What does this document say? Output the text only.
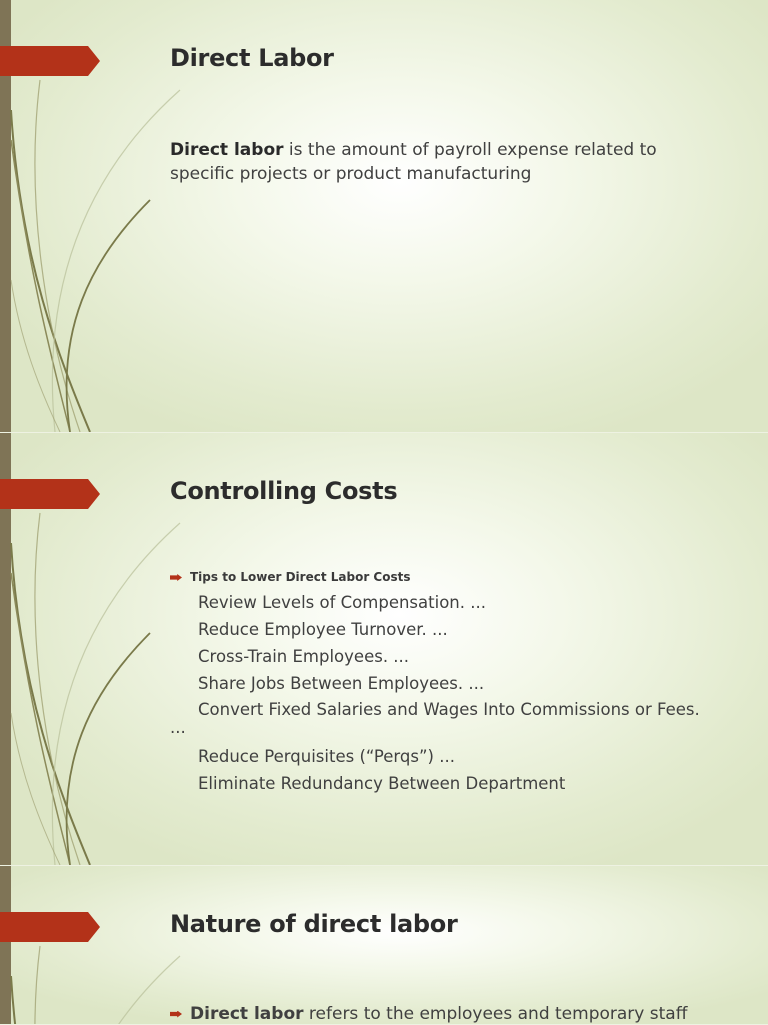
Direct Labor

Direct labor is the amount of payroll expense related to specific projects or product manufacturing

Controlling Costs

Tips to Lower Direct Labor Costs

Review Levels of Compensation. ...
Reduce Employee Turnover. ...
Cross-Train Employees. ...
Share Jobs Between Employees. ...
Convert Fixed Salaries and Wages Into Commissions or Fees.
...
Reduce Perquisites (“Perqs”) ...
Eliminate Redundancy Between Department
Nature of direct labor

Direct labor refers to the employees and temporary staff
